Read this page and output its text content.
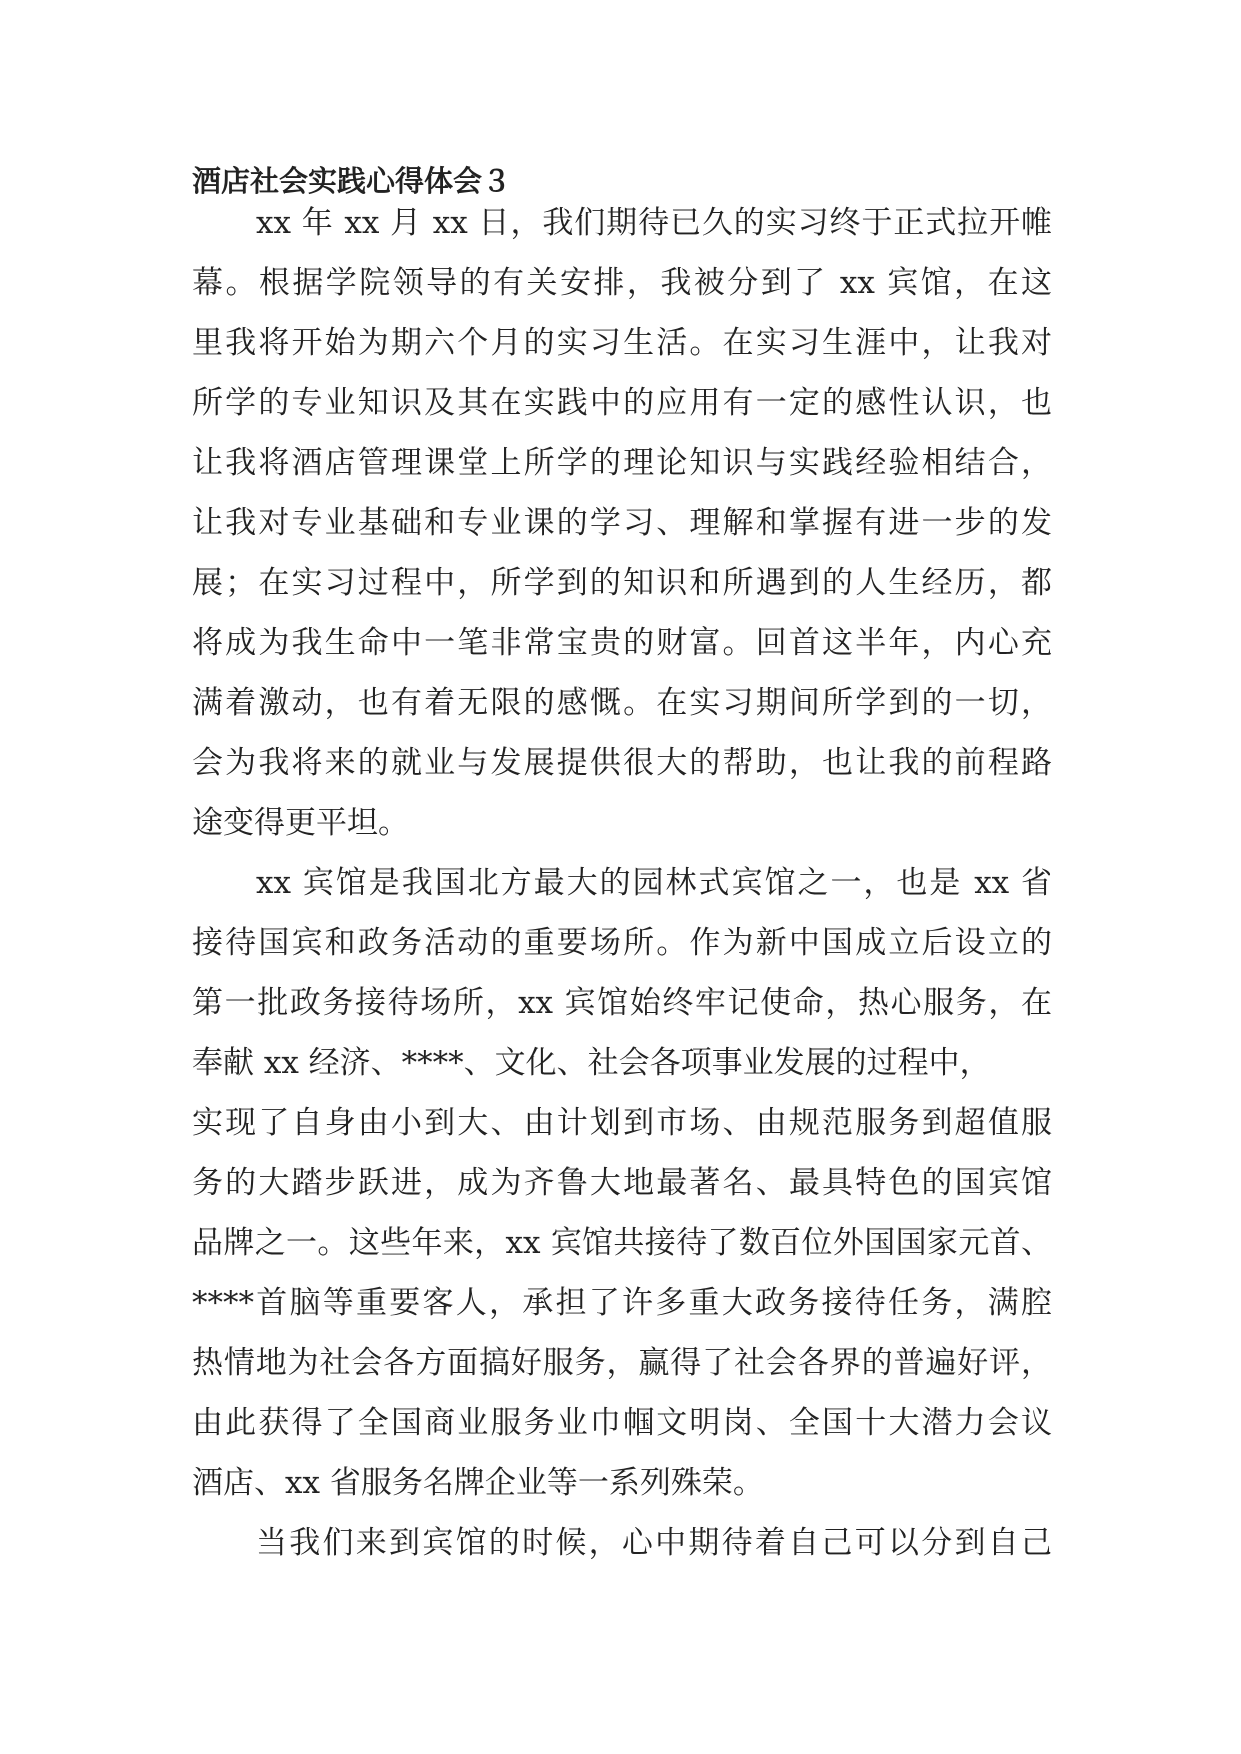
酒店社会实践心得体会３

xx 年 xx 月 xx 日，我们期待已久的实习终于正式拉开帷

幕。根据学院领导的有关安排，我被分到了 xx 宾馆，在这

里我将开始为期六个月的实习生活。在实习生涯中，让我对

所学的专业知识及其在实践中的应用有一定的感性认识，也

让我将酒店管理课堂上所学的理论知识与实践经验相结合，

让我对专业基础和专业课的学习、理解和掌握有进一步的发

展；在实习过程中，所学到的知识和所遇到的人生经历，都

将成为我生命中一笔非常宝贵的财富。回首这半年，内心充

满着激动，也有着无限的感慨。在实习期间所学到的一切，

会为我将来的就业与发展提供很大的帮助，也让我的前程路

途变得更平坦。

xx 宾馆是我国北方最大的园林式宾馆之一，也是 xx 省

接待国宾和政务活动的重要场所。作为新中国成立后设立的

第一批政务接待场所，xx 宾馆始终牢记使命，热心服务，在

奉献 xx 经济、****、文化、社会各项事业发展的过程中，

实现了自身由小到大、由计划到市场、由规范服务到超值服

务的大踏步跃进，成为齐鲁大地最著名、最具特色的国宾馆

品牌之一。这些年来，xx 宾馆共接待了数百位外国国家元首、

****首脑等重要客人，承担了许多重大政务接待任务，满腔

热情地为社会各方面搞好服务，赢得了社会各界的普遍好评，

由此获得了全国商业服务业巾帼文明岗、全国十大潜力会议

酒店、xx 省服务名牌企业等一系列殊荣。

当我们来到宾馆的时候，心中期待着自己可以分到自己
